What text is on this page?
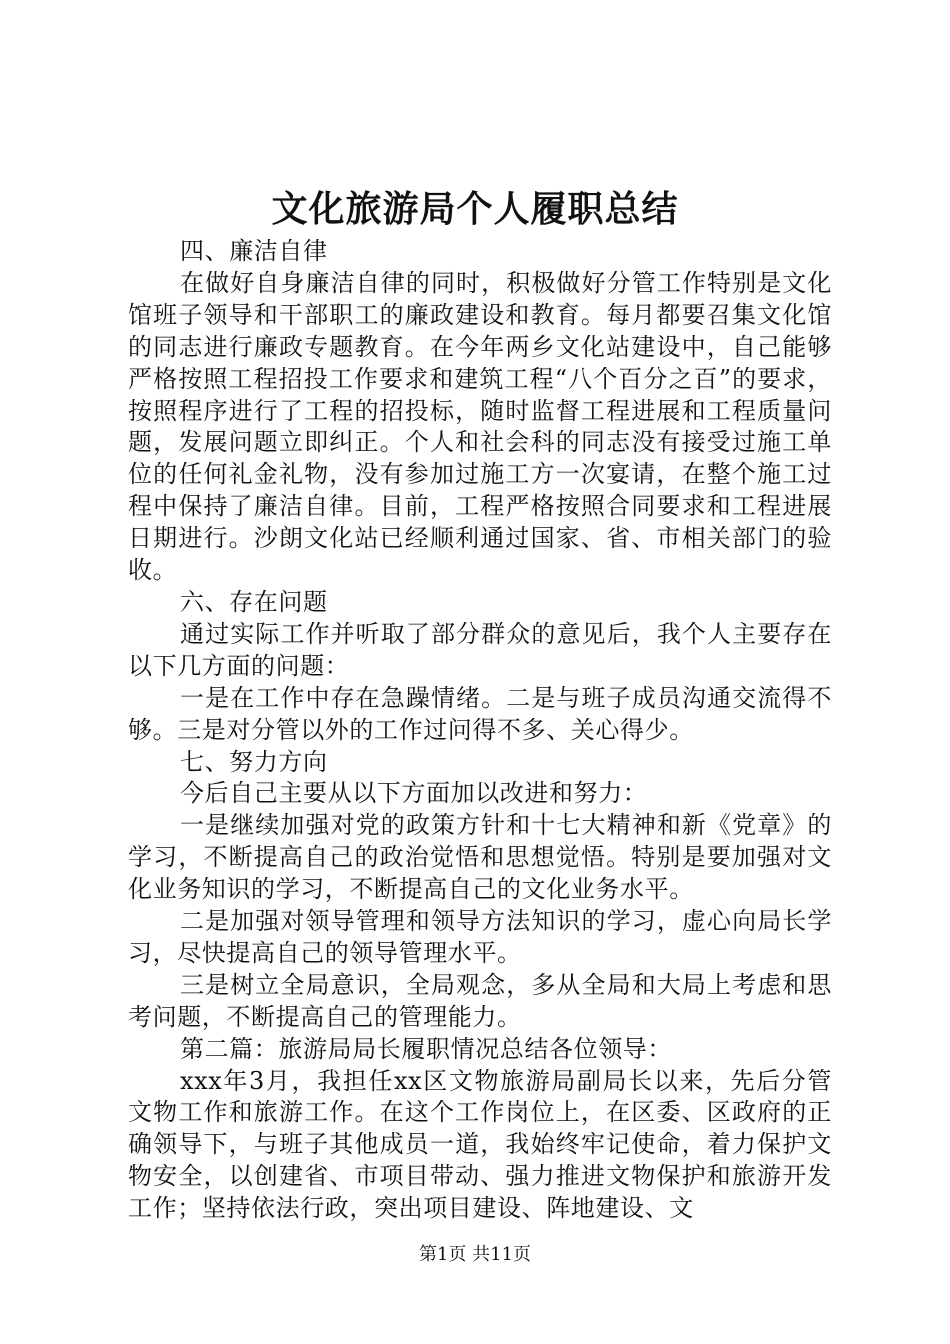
文化旅游局个人履职总结

四、廉洁自律

在做好自身廉洁自律的同时，积极做好分管工作特别是文化馆班子领导和干部职工的廉政建设和教育。每月都要召集文化馆的同志进行廉政专题教育。在今年两乡文化站建设中，自己能够严格按照工程招投工作要求和建筑工程“八个百分之百”的要求，按照程序进行了工程的招投标，随时监督工程进展和工程质量问题，发展问题立即纠正。个人和社会科的同志没有接受过施工单位的任何礼金礼物，没有参加过施工方一次宴请，在整个施工过程中保持了廉洁自律。目前，工程严格按照合同要求和工程进展日期进行。沙朗文化站已经顺利通过国家、省、市相关部门的验收。

六、存在问题

通过实际工作并听取了部分群众的意见后，我个人主要存在以下几方面的问题：

一是在工作中存在急躁情绪。二是与班子成员沟通交流得不够。三是对分管以外的工作过问得不多、关心得少。

七、努力方向

今后自己主要从以下方面加以改进和努力：

一是继续加强对党的政策方针和十七大精神和新《党章》的学习，不断提高自己的政治觉悟和思想觉悟。特别是要加强对文化业务知识的学习，不断提高自己的文化业务水平。

二是加强对领导管理和领导方法知识的学习，虚心向局长学习，尽快提高自己的领导管理水平。

三是树立全局意识，全局观念，多从全局和大局上考虑和思考问题，不断提高自己的管理能力。

第二篇：旅游局局长履职情况总结各位领导：

xxx年3月，我担任xx区文物旅游局副局长以来，先后分管文物工作和旅游工作。在这个工作岗位上，在区委、区政府的正确领导下，与班子其他成员一道，我始终牢记使命，着力保护文物安全，以创建省、市项目带动、强力推进文物保护和旅游开发工作；坚持依法行政，突出项目建设、阵地建设、文

第1页 共11页
